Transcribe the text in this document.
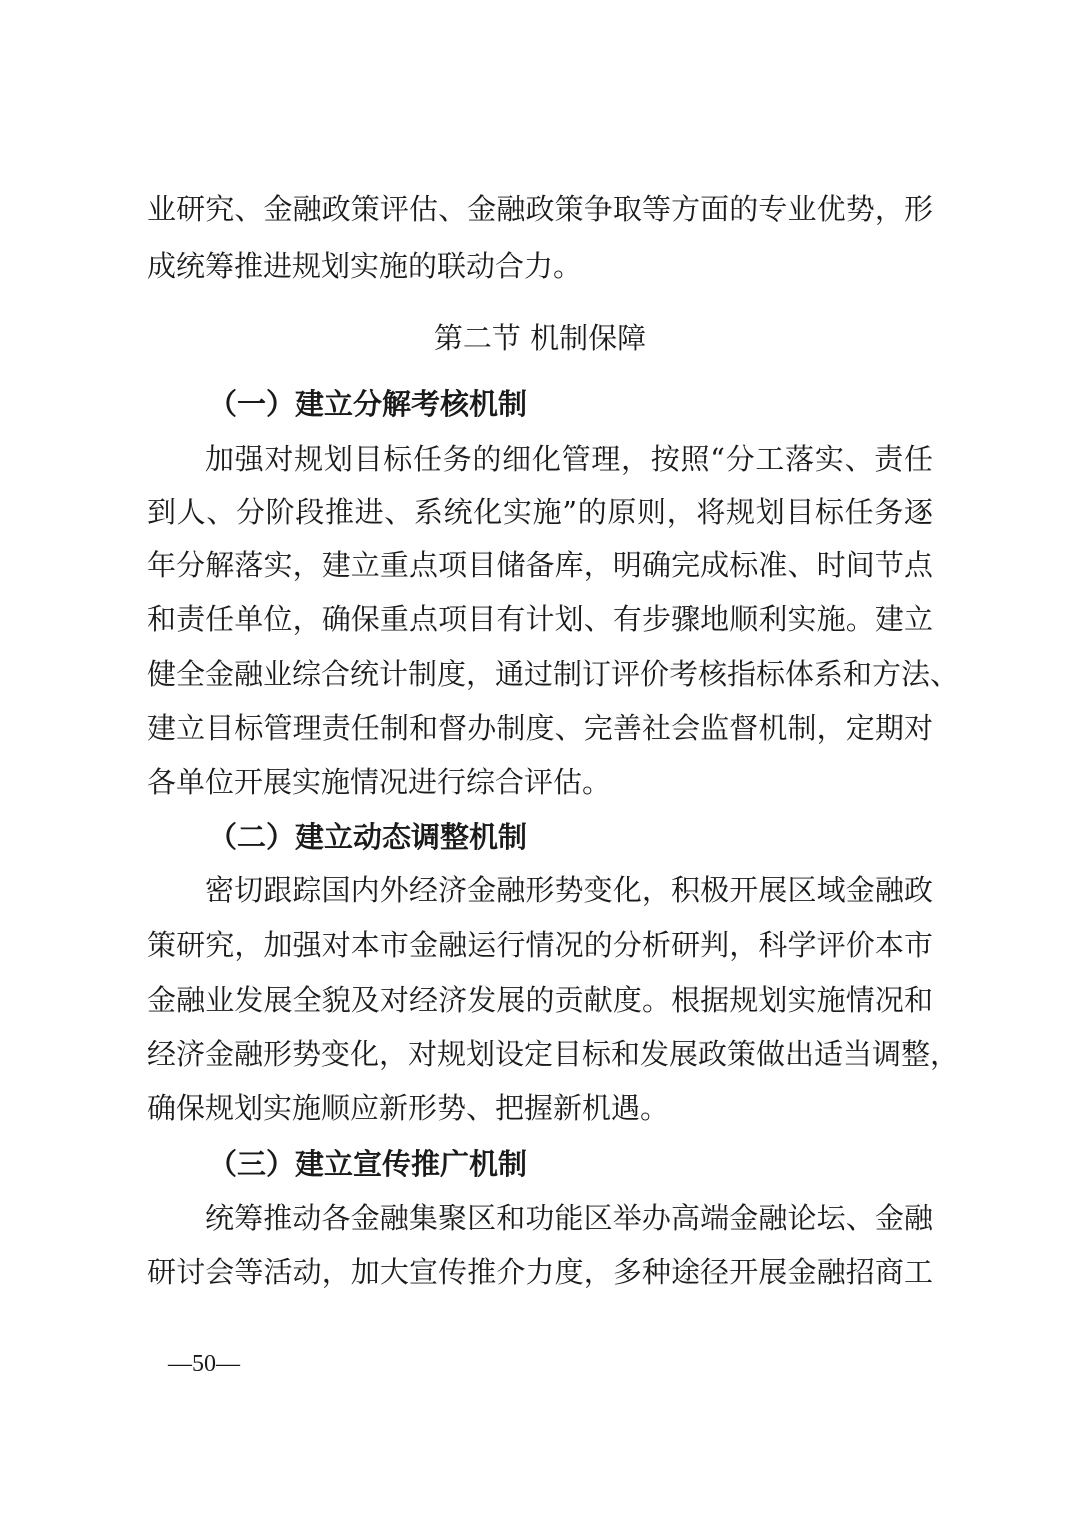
业研究、金融政策评估、金融政策争取等方面的专业优势，形
成统筹推进规划实施的联动合力。
第二节 机制保障
（一）建立分解考核机制
加强对规划目标任务的细化管理，按照“分工落实、责任
到人、分阶段推进、系统化实施”的原则，将规划目标任务逐
年分解落实，建立重点项目储备库，明确完成标准、时间节点
和责任单位，确保重点项目有计划、有步骤地顺利实施。建立
健全金融业综合统计制度，通过制订评价考核指标体系和方法、
建立目标管理责任制和督办制度、完善社会监督机制，定期对
各单位开展实施情况进行综合评估。
（二）建立动态调整机制
密切跟踪国内外经济金融形势变化，积极开展区域金融政
策研究，加强对本市金融运行情况的分析研判，科学评价本市
金融业发展全貌及对经济发展的贡献度。根据规划实施情况和
经济金融形势变化，对规划设定目标和发展政策做出适当调整，
确保规划实施顺应新形势、把握新机遇。
（三）建立宣传推广机制
统筹推动各金融集聚区和功能区举办高端金融论坛、金融
研讨会等活动，加大宣传推介力度，多种途径开展金融招商工
—50—
